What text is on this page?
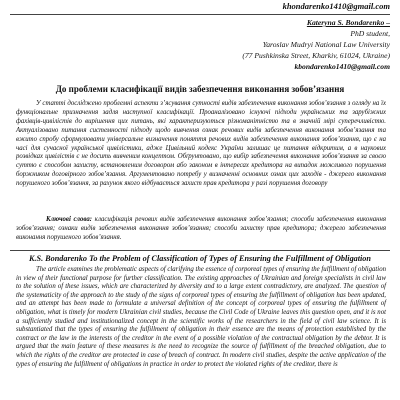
khondarenko1410@gmail.com
Kateryna S. Bondarenko –
PhD student,
Yaroslav Mudryi National Law University
(77 Pushkinska Street, Kharkiv, 61024, Ukraine)
kbondarenko1410@gmail.com
До проблеми класифікації видів забезпечення виконання зобов’язання
У статті досліджено проблемні аспекти з’ясування сутності видів забезпечення виконання зобов’язання з огляду на їх функціональне призначення задля наступної класифікації. Проаналізовано існуючі підходи українських та зарубіжних фахівців-цивілістів до вирішення цих питань, які характеризуються різноманітністю та в значній мірі суперечливістю. Актуалізовано питання системності підходу щодо вивчення ознак речових видів забезпечення виконання зобов’язання та вжито спробу сформулювати універсальне визначення поняття речових видів забезпечення виконання зобов’язання, що є на часі для сучасної української цивілістики, адже Цивільний кодекс України залишає це питання відкритим, а в наукових розвідках цивілістів є не досить вивченим концептом. Обґрунтовано, що вибір забезпечення виконання зобов’язання за своєю суттю є способом захисту, встановленим договором або законом в інтересах кредитора на випадок можливого порушення боржником договірного зобов’язання. Аргументовано потребу у визначенні основних ознак цих заходів - джерело виконання порушеного зобов’язання, за рахунок якого відбувається захист прав кредитора у разі порушення договору
Ключові слова: класифікація речових видів забезпечення виконання зобов’язання; способи забезпечення виконання зобов’язання; ознаки видів забезпечення виконання зобов’язання; способи захисту прав кредитора; джерело забезпечення виконання порушеного зобов’язання.
K.S. Bondarenko To the Problem of Classification of Types of Ensuring the Fulfillment of Obligation
The article examines the problematic aspects of clarifying the essence of corporeal types of ensuring the fulfillment of obligation in view of their functional purpose for further classification. The existing approaches of Ukrainian and foreign specialists in civil law to the solution of these issues, which are characterized by diversity and to a large extent contradictory, are analyzed. The question of the systematicity of the approach to the study of the signs of corporeal types of ensuring the fulfillment of obligation has been updated, and an attempt has been made to formulate a universal definition of the concept of corporeal types of ensuring the fulfillment of obligation, what is timely for modern Ukrainian civil studies, because the Civil Code of Ukraine leaves this question open, and it is not a sufficiently studied and institutionalized concept in the scientific works of the researchers in the field of civil law science. It is substantiated that the types of ensuring the fulfillment of obligation in their essence are the means of protection established by the contract or the law in the interests of the creditor in the event of a possible violation of the contractual obligation by the debtor. It is argued that the main feature of these measures is the need to recognize the source of fulfillment of the breached obligation, due to which the rights of the creditor are protected in case of breach of contract. In modern civil studies, despite the active application of the types of ensuring the fulfillment of obligations in practice in order to protect the violated rights of the creditor, there is
